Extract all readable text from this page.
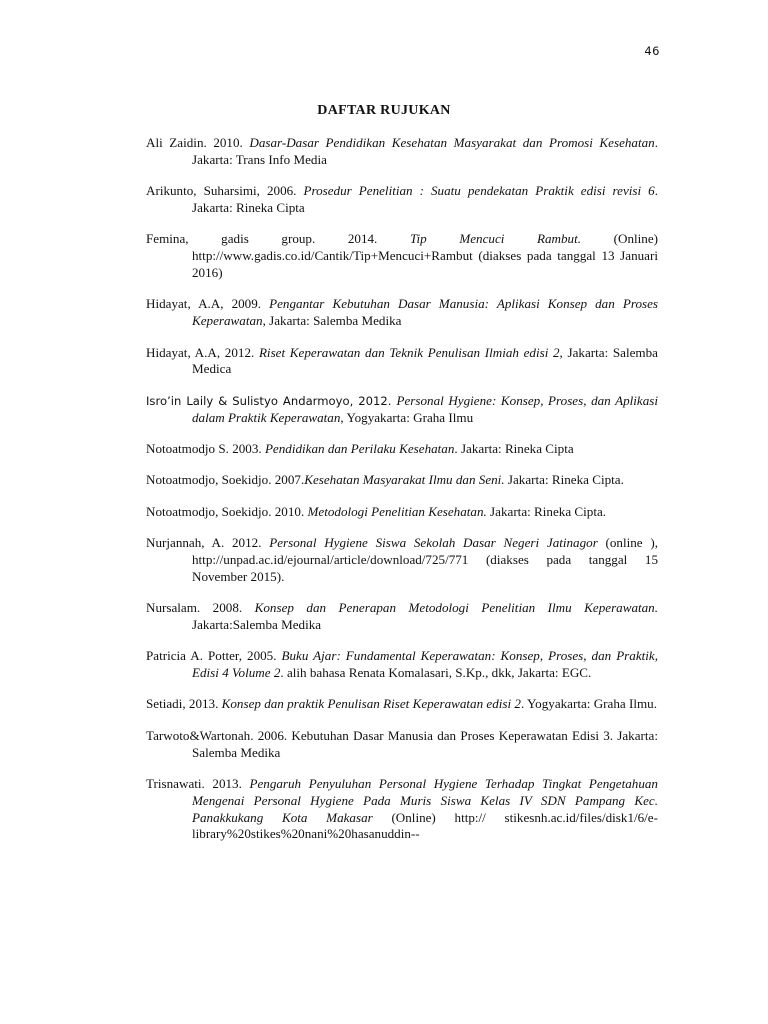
46
DAFTAR RUJUKAN

Ali Zaidin. 2010. Dasar-Dasar Pendidikan Kesehatan Masyarakat dan Promosi Kesehatan. Jakarta: Trans Info Media

Arikunto, Suharsimi, 2006. Prosedur Penelitian : Suatu pendekatan Praktik edisi revisi 6. Jakarta: Rineka Cipta

Femina, gadis group. 2014. Tip Mencuci Rambut. (Online) http://www.gadis.co.id/Cantik/Tip+Mencuci+Rambut (diakses pada tanggal 13 Januari 2016)

Hidayat, A.A, 2009. Pengantar Kebutuhan Dasar Manusia: Aplikasi Konsep dan Proses Keperawatan, Jakarta: Salemba Medika

Hidayat, A.A, 2012. Riset Keperawatan dan Teknik Penulisan Ilmiah edisi 2, Jakarta: Salemba Medica

Isro’in Laily & Sulistyo Andarmoyo, 2012. Personal Hygiene: Konsep, Proses, dan Aplikasi dalam Praktik Keperawatan, Yogyakarta: Graha Ilmu

Notoatmodjo S. 2003. Pendidikan dan Perilaku Kesehatan. Jakarta: Rineka Cipta

Notoatmodjo, Soekidjo. 2007.Kesehatan Masyarakat Ilmu dan Seni. Jakarta: Rineka Cipta.

Notoatmodjo, Soekidjo. 2010. Metodologi Penelitian Kesehatan. Jakarta: Rineka Cipta.

Nurjannah, A. 2012. Personal Hygiene Siswa Sekolah Dasar Negeri Jatinagor (online ), http://unpad.ac.id/ejournal/article/download/725/771 (diakses pada tanggal 15 November 2015).

Nursalam. 2008. Konsep dan Penerapan Metodologi Penelitian Ilmu Keperawatan. Jakarta:Salemba Medika

Patricia A. Potter, 2005. Buku Ajar: Fundamental Keperawatan: Konsep, Proses, dan Praktik, Edisi 4 Volume 2. alih bahasa Renata Komalasari, S.Kp., dkk, Jakarta: EGC.

Setiadi, 2013. Konsep dan praktik Penulisan Riset Keperawatan edisi 2. Yogyakarta: Graha Ilmu.

Tarwoto&Wartonah. 2006. Kebutuhan Dasar Manusia dan Proses Keperawatan Edisi 3. Jakarta: Salemba Medika

Trisnawati. 2013. Pengaruh Penyuluhan Personal Hygiene Terhadap Tingkat Pengetahuan Mengenai Personal Hygiene Pada Muris Siswa Kelas IV SDN Pampang Kec. Panakkukang Kota Makasar (Online) http:// stikesnh.ac.id/files/disk1/6/e-library%20stikes%20nani%20hasanuddin--
